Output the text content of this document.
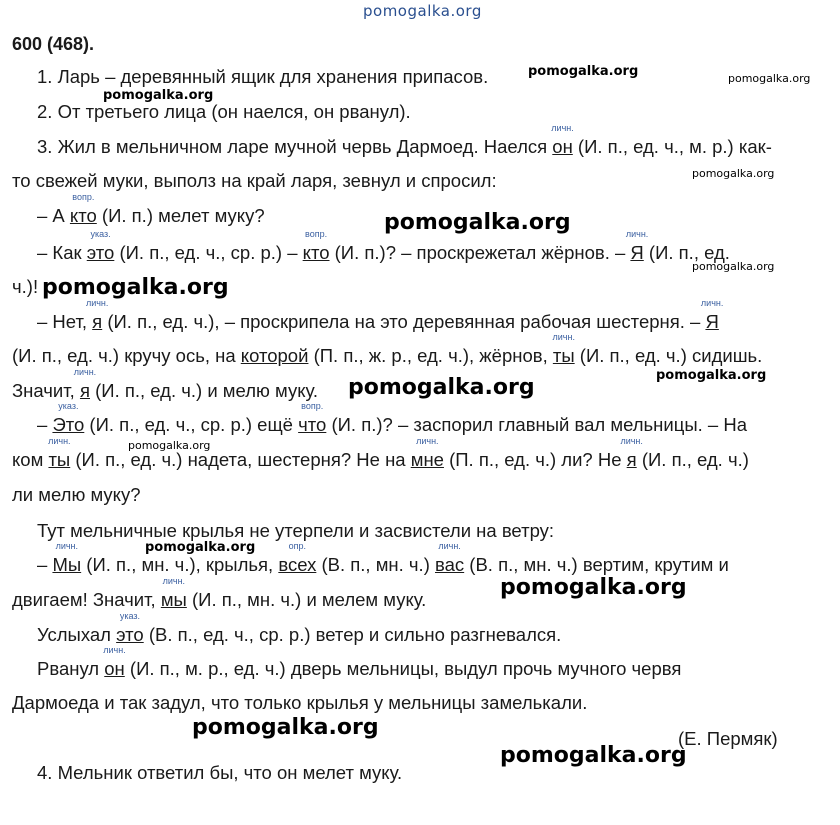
pomogalka.org
pomogalka.org	pomogalka.org
pomogalka.org
pomogalka.org
pomogalka.org
pomogalka.org
pomogalka.org
pomogalka.org	pomogalka.org
pomogalka.org
pomogalka.org
pomogalka.org
pomogalka.org
pomogalka.org
600 (468).
1. Ларь – деревянный ящик для хранения припасов.
2. От третьего лица (он наелся, он рванул).
3. Жил в мельничном ларе мучной червь Дармоед. Наелся он
личн.
(И. п., ед. ч., м. р.) как-
то свежей муки, выполз на край ларя, зевнул и спросил:
– А кто
вопр.
(И. п.) мелет муку?
– Как это
указ.
(И. п., ед. ч., ср. р.) – кто
вопр.
(И. п.)? – проскрежетал жёрнов. – Я
личн.
(И. п., ед.
ч.)!
– Нет, я
личн.
(И. п., ед. ч.), – проскрипела на это деревянная рабочая шестерня. – Я
личн.
(И. п., ед. ч.) кручу ось, на которой (П. п., ж. р., ед. ч.), жёрнов, ты
личн.
(И. п., ед. ч.) сидишь.
Значит, я
личн.
(И. п., ед. ч.) и мелю муку.
– Это
указ.
(И. п., ед. ч., ср. р.) ещё что
вопр.
(И. п.)? – заспорил главный вал мельницы. – На
ком ты
личн.
(И. п., ед. ч.) надета, шестерня? Не на мне
личн.
(П. п., ед. ч.) ли? Не я
личн.
(И. п., ед. ч.)
ли мелю муку?
Тут мельничные крылья не утерпели и засвистели на ветру:
– Мы
личн.
(И. п., мн. ч.), крылья, всех
опр.
(В. п., мн. ч.) вас
личн.
(В. п., мн. ч.) вертим, крутим и
двигаем! Значит, мы
личн.
(И. п., мн. ч.) и мелем муку.
Услыхал это
указ.
(В. п., ед. ч., ср. р.) ветер и сильно разгневался.
Рванул он
личн.
(И. п., м. р., ед. ч.) дверь мельницы, выдул прочь мучного червя
Дармоеда и так задул, что только крылья у мельницы замелькали.
(Е. Пермяк)
4. Мельник ответил бы, что он мелет муку.
